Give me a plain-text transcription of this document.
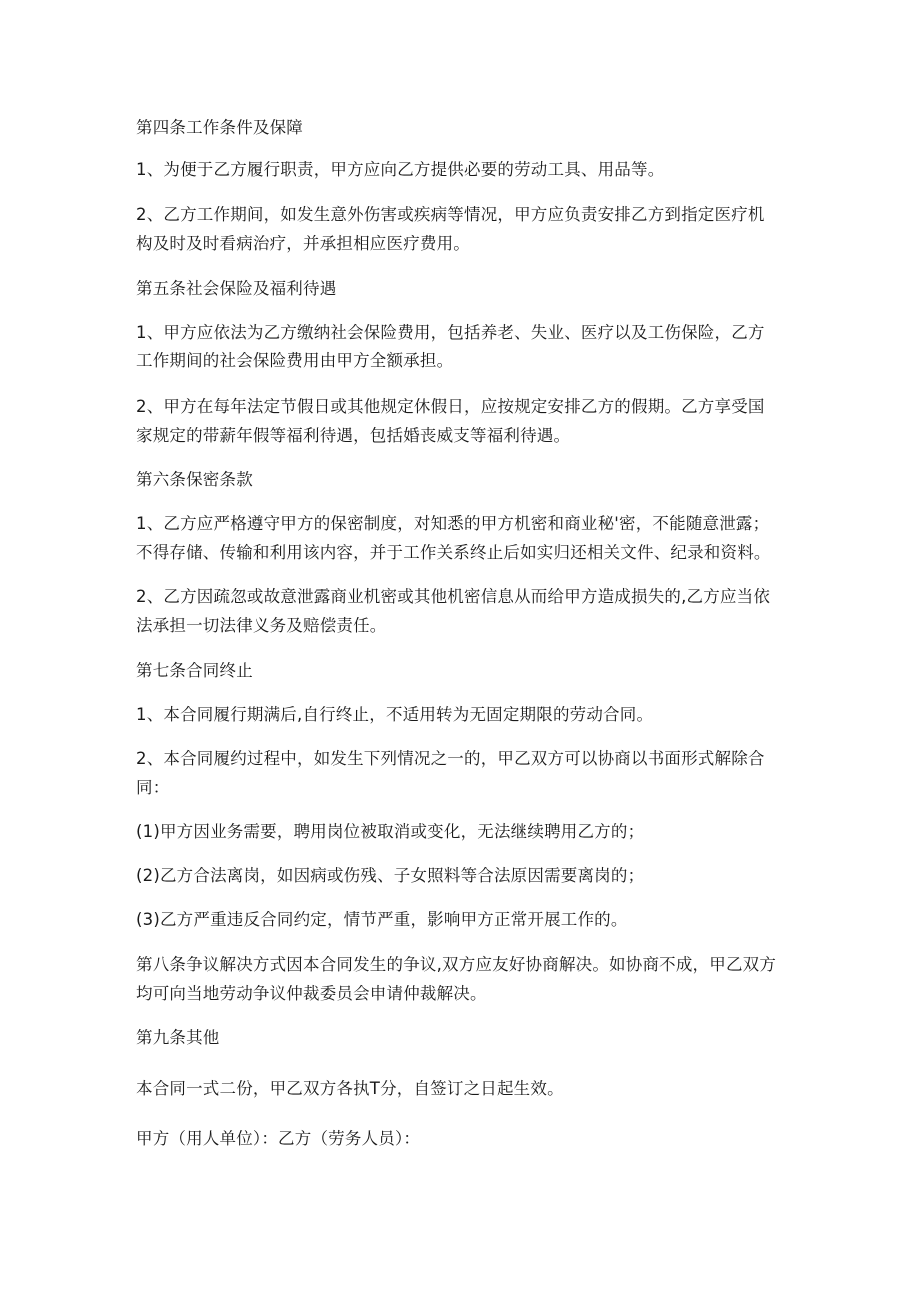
第四条工作条件及保障
1、为便于乙方履行职责，甲方应向乙方提供必要的劳动工具、用品等。
2、乙方工作期间，如发生意外伤害或疾病等情况，甲方应负责安排乙方到指定医疗机
构及时及时看病治疗，并承担相应医疗费用。
第五条社会保险及福利待遇
1、甲方应依法为乙方缴纳社会保险费用，包括养老、失业、医疗以及工伤保险，乙方
工作期间的社会保险费用由甲方全额承担。
2、甲方在每年法定节假日或其他规定休假日，应按规定安排乙方的假期。乙方享受国
家规定的带薪年假等福利待遇，包括婚丧威支等福利待遇。
第六条保密条款
1、乙方应严格遵守甲方的保密制度，对知悉的甲方机密和商业秘'密，不能随意泄露；
不得存储、传输和利用该内容，并于工作关系终止后如实归还相关文件、纪录和资料。
2、乙方因疏忽或故意泄露商业机密或其他机密信息从而给甲方造成损失的,乙方应当依
法承担一切法律义务及赔偿责任。
第七条合同终止
1、本合同履行期满后,自行终止，不适用转为无固定期限的劳动合同。
2、本合同履约过程中，如发生下列情况之一的，甲乙双方可以协商以书面形式解除合
同：
(1)甲方因业务需要，聘用岗位被取消或变化，无法继续聘用乙方的；
(2)乙方合法离岗，如因病或伤残、子女照料等合法原因需要离岗的；
(3)乙方严重违反合同约定，情节严重，影响甲方正常开展工作的。
第八条争议解决方式因本合同发生的争议,双方应友好协商解决。如协商不成，甲乙双方
均可向当地劳动争议仲裁委员会申请仲裁解决。
第九条其他
本合同一式二份，甲乙双方各执T分，自签订之日起生效。
甲方（用人单位）：乙方（劳务人员）：
